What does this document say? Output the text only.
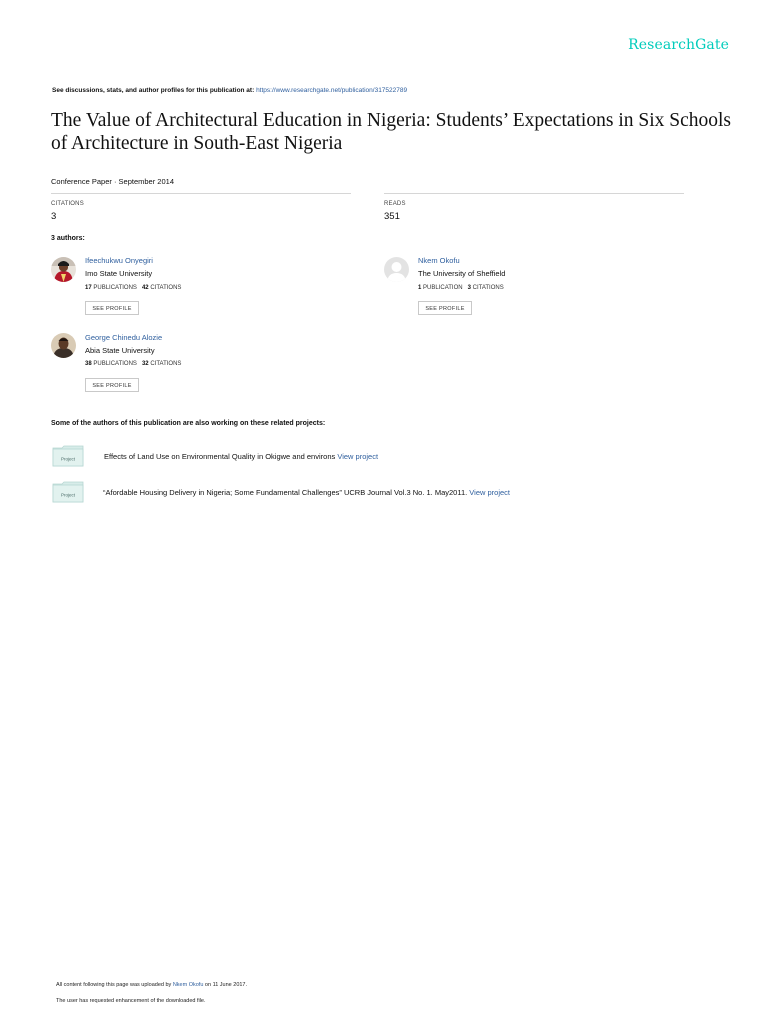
ResearchGate
See discussions, stats, and author profiles for this publication at: https://www.researchgate.net/publication/317522789
The Value of Architectural Education in Nigeria: Students’ Expectations in Six Schools of Architecture in South-East Nigeria
Conference Paper · September 2014
CITATIONS
3
READS
351
3 authors:
Ifeechukwu Onyegiri
Imo State University
17 PUBLICATIONS 42 CITATIONS
SEE PROFILE
Nkem Okofu
The University of Sheffield
1 PUBLICATION 3 CITATIONS
SEE PROFILE
George Chinedu Alozie
Abia State University
38 PUBLICATIONS 32 CITATIONS
SEE PROFILE
Some of the authors of this publication are also working on these related projects:
Project	Effects of Land Use on Environmental Quality in Okigwe and environs View project
Project	“Afordable Housing Delivery in Nigeria; Some Fundamental Challenges” UCRB Journal Vol.3 No. 1. May2011. View project
All content following this page was uploaded by Nkem Okofu on 11 June 2017.
The user has requested enhancement of the downloaded file.
